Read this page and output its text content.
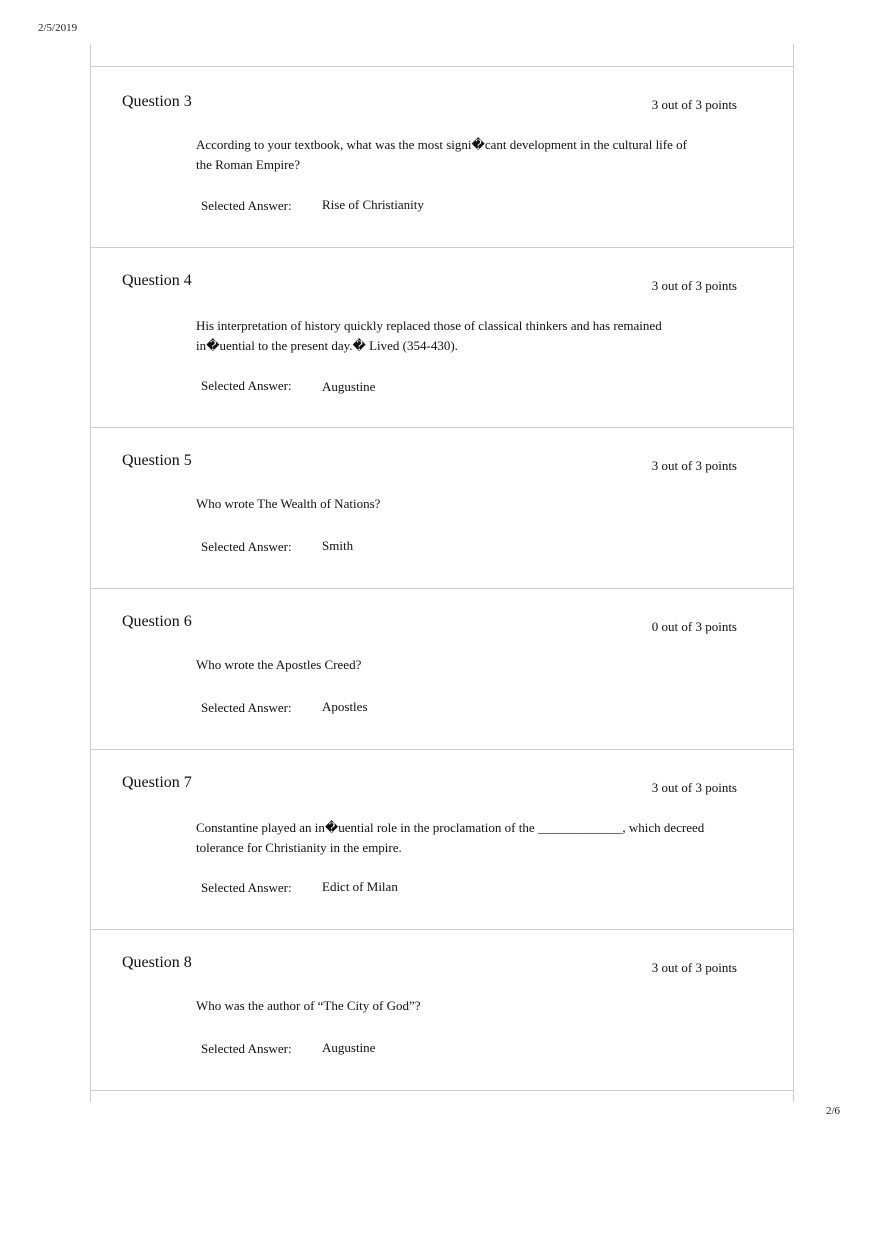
2/5/2019
Question 3	3 out of 3 points
According to your textbook, what was the most signi�cant development in the cultural life of the Roman Empire?
Selected Answer: Rise of Christianity
Question 4	3 out of 3 points
His interpretation of history quickly replaced those of classical thinkers and has remained in�uential to the present day.� Lived (354-430).
Selected Answer: Augustine
Question 5	3 out of 3 points
Who wrote The Wealth of Nations?
Selected Answer: Smith
Question 6	0 out of 3 points
Who wrote the Apostles Creed?
Selected Answer: Apostles
Question 7	3 out of 3 points
Constantine played an in�uential role in the proclamation of the _____________, which decreed tolerance for Christianity in the empire.
Selected Answer: Edict of Milan
Question 8	3 out of 3 points
Who was the author of “The City of God”?
Selected Answer: Augustine
2/6
